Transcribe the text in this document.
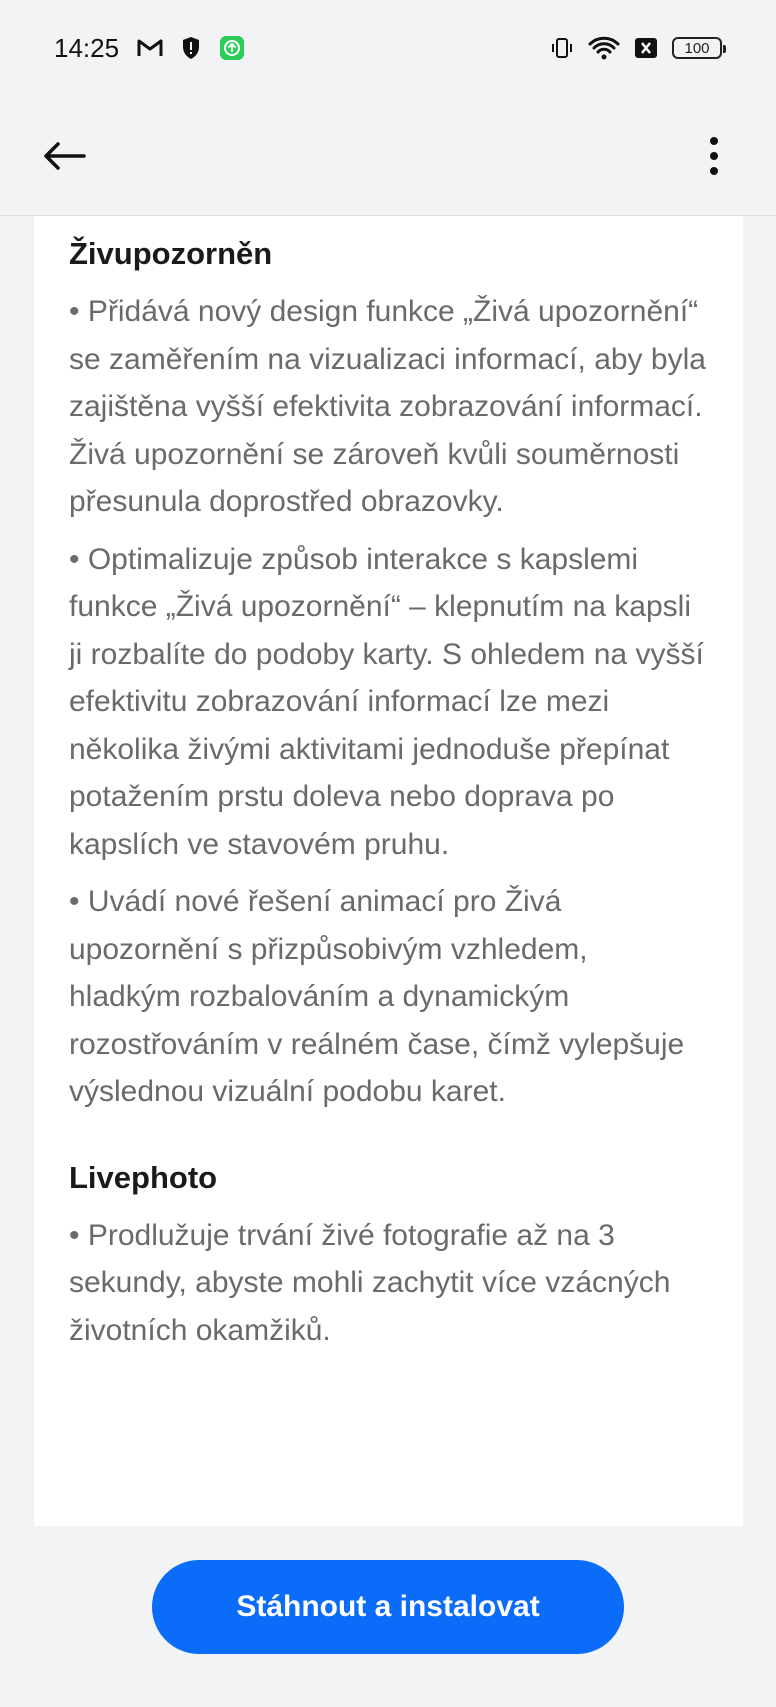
14:25	100
Živupozorněn

• Přidává nový design funkce „Živá upozornění“ se zaměřením na vizualizaci informací, aby byla zajištěna vyšší efektivita zobrazování informací. Živá upozornění se zároveň kvůli souměrnosti přesunula doprostřed obrazovky.

• Optimalizuje způsob interakce s kapslemi funkce „Živá upozornění“ – klepnutím na kapsli ji rozbalíte do podoby karty. S ohledem na vyšší efektivitu zobrazování informací lze mezi několika živými aktivitami jednoduše přepínat potažením prstu doleva nebo doprava po kapslích ve stavovém pruhu.

• Uvádí nové řešení animací pro Živá upozornění s přizpůsobivým vzhledem, hladkým rozbalováním a dynamickým rozostřováním v reálném čase, čímž vylepšuje výslednou vizuální podobu karet.

Livephoto

• Prodlužuje trvání živé fotografie až na 3 sekundy, abyste mohli zachytit více vzácných životních okamžiků.

Stáhnout a instalovat
